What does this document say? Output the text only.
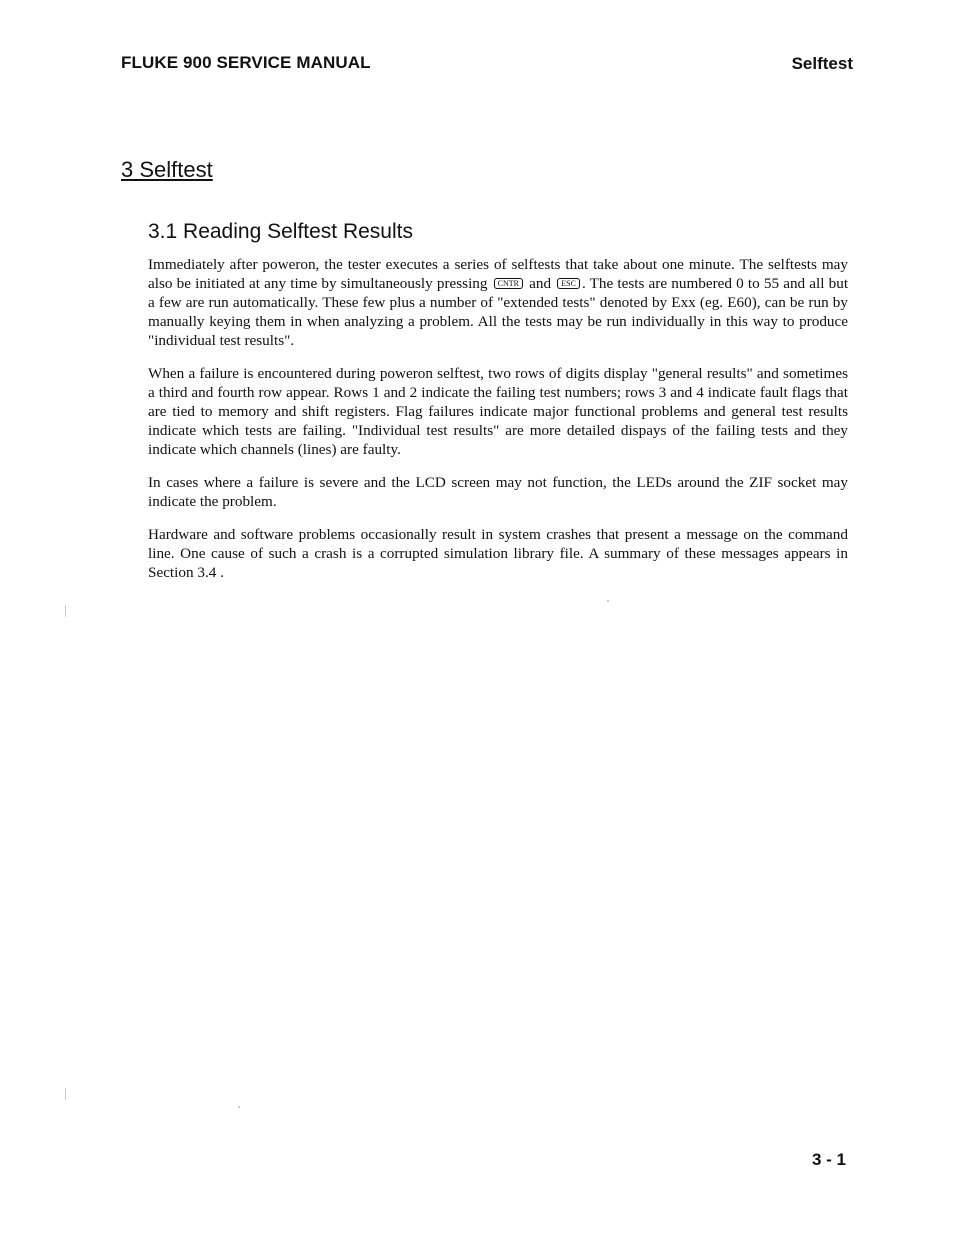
FLUKE 900 SERVICE MANUAL	Selftest
3 Selftest
3.1 Reading Selftest Results

Immediately after poweron, the tester executes a series of selftests that take about one minute. The selftests may also be initiated at any time by simultaneously pressing CNTR and ESC . The tests are numbered 0 to 55 and all but a few are run automatically. These few plus a number of "extended tests" denoted by Exx (eg. E60), can be run by manually keying them in when analyzing a problem. All the tests may be run individually in this way to produce "individual test results".

When a failure is encountered during poweron selftest, two rows of digits display "general results" and sometimes a third and fourth row appear. Rows 1 and 2 indicate the failing test numbers; rows 3 and 4 indicate fault flags that are tied to memory and shift registers. Flag failures indicate major functional problems and general test results indicate which tests are failing. "Individual test results" are more detailed dispays of the failing tests and they indicate which channels (lines) are faulty.

In cases where a failure is severe and the LCD screen may not function, the LEDs around the ZIF socket may indicate the problem.

Hardware and software problems occasionally result in system crashes that present a message on the command line. One cause of such a crash is a corrupted simulation library file. A summary of these messages appears in Section 3.4 .

3 - 1
